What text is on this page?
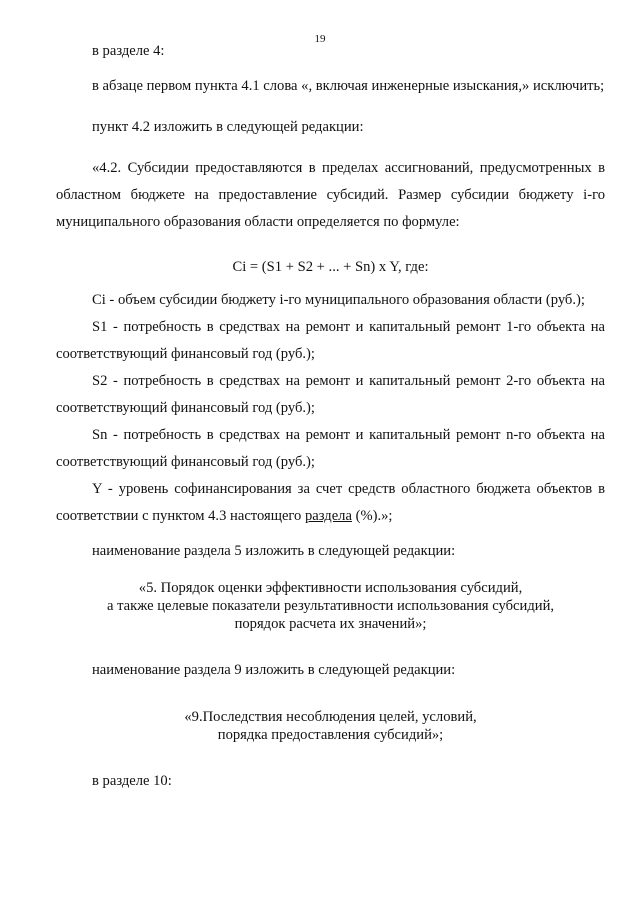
19

в разделе 4:

в абзаце первом пункта 4.1 слова «, включая инженерные изыскания,» исключить;

пункт 4.2 изложить в следующей редакции:

«4.2. Субсидии предоставляются в пределах ассигнований, предусмотренных в областном бюджете на предоставление субсидий. Размер субсидии бюджету i-го муниципального образования области определяется по формуле:

Ci = (S1 + S2 + ... + Sn) x Y, где:

Ci - объем субсидии бюджету i-го муниципального образования области (руб.);

S1 - потребность в средствах на ремонт и капитальный ремонт 1-го объекта на соответствующий финансовый год (руб.);

S2 - потребность в средствах на ремонт и капитальный ремонт 2-го объекта на соответствующий финансовый год (руб.);

Sn - потребность в средствах на ремонт и капитальный ремонт n-го объекта на соответствующий финансовый год (руб.);

Y - уровень софинансирования за счет средств областного бюджета объектов в соответствии с пунктом 4.3 настоящего раздела (%).»;

наименование раздела 5 изложить в следующей редакции:

«5. Порядок оценки эффективности использования субсидий,

а также целевые показатели результативности использования субсидий,

порядок расчета их значений»;

наименование раздела 9 изложить в следующей редакции:

«9.Последствия несоблюдения целей, условий,

порядка предоставления субсидий»;

в разделе 10:
